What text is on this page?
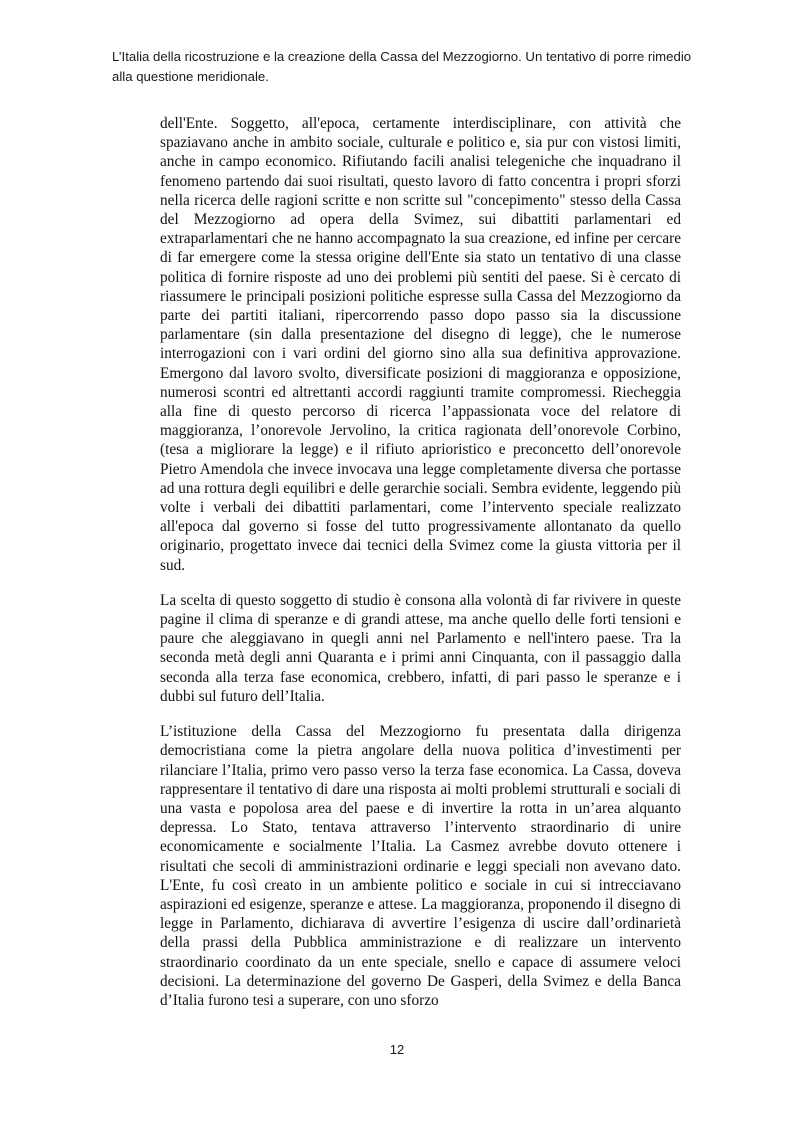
L’Italia della ricostruzione e la creazione della Cassa del Mezzogiorno. Un tentativo di porre rimedio alla questione meridionale.

dell'Ente. Soggetto, all'epoca, certamente interdisciplinare, con attività che spaziavano anche in ambito sociale, culturale e politico e, sia pur con vistosi limiti, anche in campo economico. Rifiutando facili analisi telegeniche che inquadrano il fenomeno partendo dai suoi risultati, questo lavoro di fatto concentra i propri sforzi nella ricerca delle ragioni scritte e non scritte sul "concepimento" stesso della Cassa del Mezzogiorno ad opera della Svimez, sui dibattiti parlamentari ed extraparlamentari che ne hanno accompagnato la sua creazione, ed infine per cercare di far emergere come la stessa origine dell'Ente sia stato un tentativo di una classe politica di fornire risposte ad uno dei problemi più sentiti del paese. Si è cercato di riassumere le principali posizioni politiche espresse sulla Cassa del Mezzogiorno da parte dei partiti italiani, ripercorrendo passo dopo passo sia la discussione parlamentare (sin dalla presentazione del disegno di legge), che le numerose interrogazioni con i vari ordini del giorno sino alla sua definitiva approvazione. Emergono dal lavoro svolto, diversificate posizioni di maggioranza e opposizione, numerosi scontri ed altrettanti accordi raggiunti tramite compromessi. Riecheggia alla fine di questo percorso di ricerca l’appassionata voce del relatore di maggioranza, l’onorevole Jervolino, la critica ragionata dell’onorevole Corbino, (tesa a migliorare la legge) e il rifiuto aprioristico e preconcetto dell’onorevole Pietro Amendola che invece invocava una legge completamente diversa che portasse ad una rottura degli equilibri e delle gerarchie sociali. Sembra evidente, leggendo più volte i verbali dei dibattiti parlamentari, come l’intervento speciale realizzato all'epoca dal governo si fosse del tutto progressivamente allontanato da quello originario, progettato invece dai tecnici della Svimez come la giusta vittoria per il sud.

La scelta di questo soggetto di studio è consona alla volontà di far rivivere in queste pagine il clima di speranze e di grandi attese, ma anche quello delle forti tensioni e paure che aleggiavano in quegli anni nel Parlamento e nell'intero paese. Tra la seconda metà degli anni Quaranta e i primi anni Cinquanta, con il passaggio dalla seconda alla terza fase economica, crebbero, infatti, di pari passo le speranze e i dubbi sul futuro dell’Italia.

L’istituzione della Cassa del Mezzogiorno fu presentata dalla dirigenza democristiana come la pietra angolare della nuova politica d’investimenti per rilanciare l’Italia, primo vero passo verso la terza fase economica. La Cassa, doveva rappresentare il tentativo di dare una risposta ai molti problemi strutturali e sociali di una vasta e popolosa area del paese e di invertire la rotta in un’area alquanto depressa. Lo Stato, tentava attraverso l’intervento straordinario di unire economicamente e socialmente l’Italia. La Casmez avrebbe dovuto ottenere i risultati che secoli di amministrazioni ordinarie e leggi speciali non avevano dato. L'Ente, fu così creato in un ambiente politico e sociale in cui si intrecciavano aspirazioni ed esigenze, speranze e attese. La maggioranza, proponendo il disegno di legge in Parlamento, dichiarava di avvertire l’esigenza di uscire dall’ordinarietà della prassi della Pubblica amministrazione e di realizzare un intervento straordinario coordinato da un ente speciale, snello e capace di assumere veloci decisioni. La determinazione del governo De Gasperi, della Svimez e della Banca d’Italia furono tesi a superare, con uno sforzo

12
